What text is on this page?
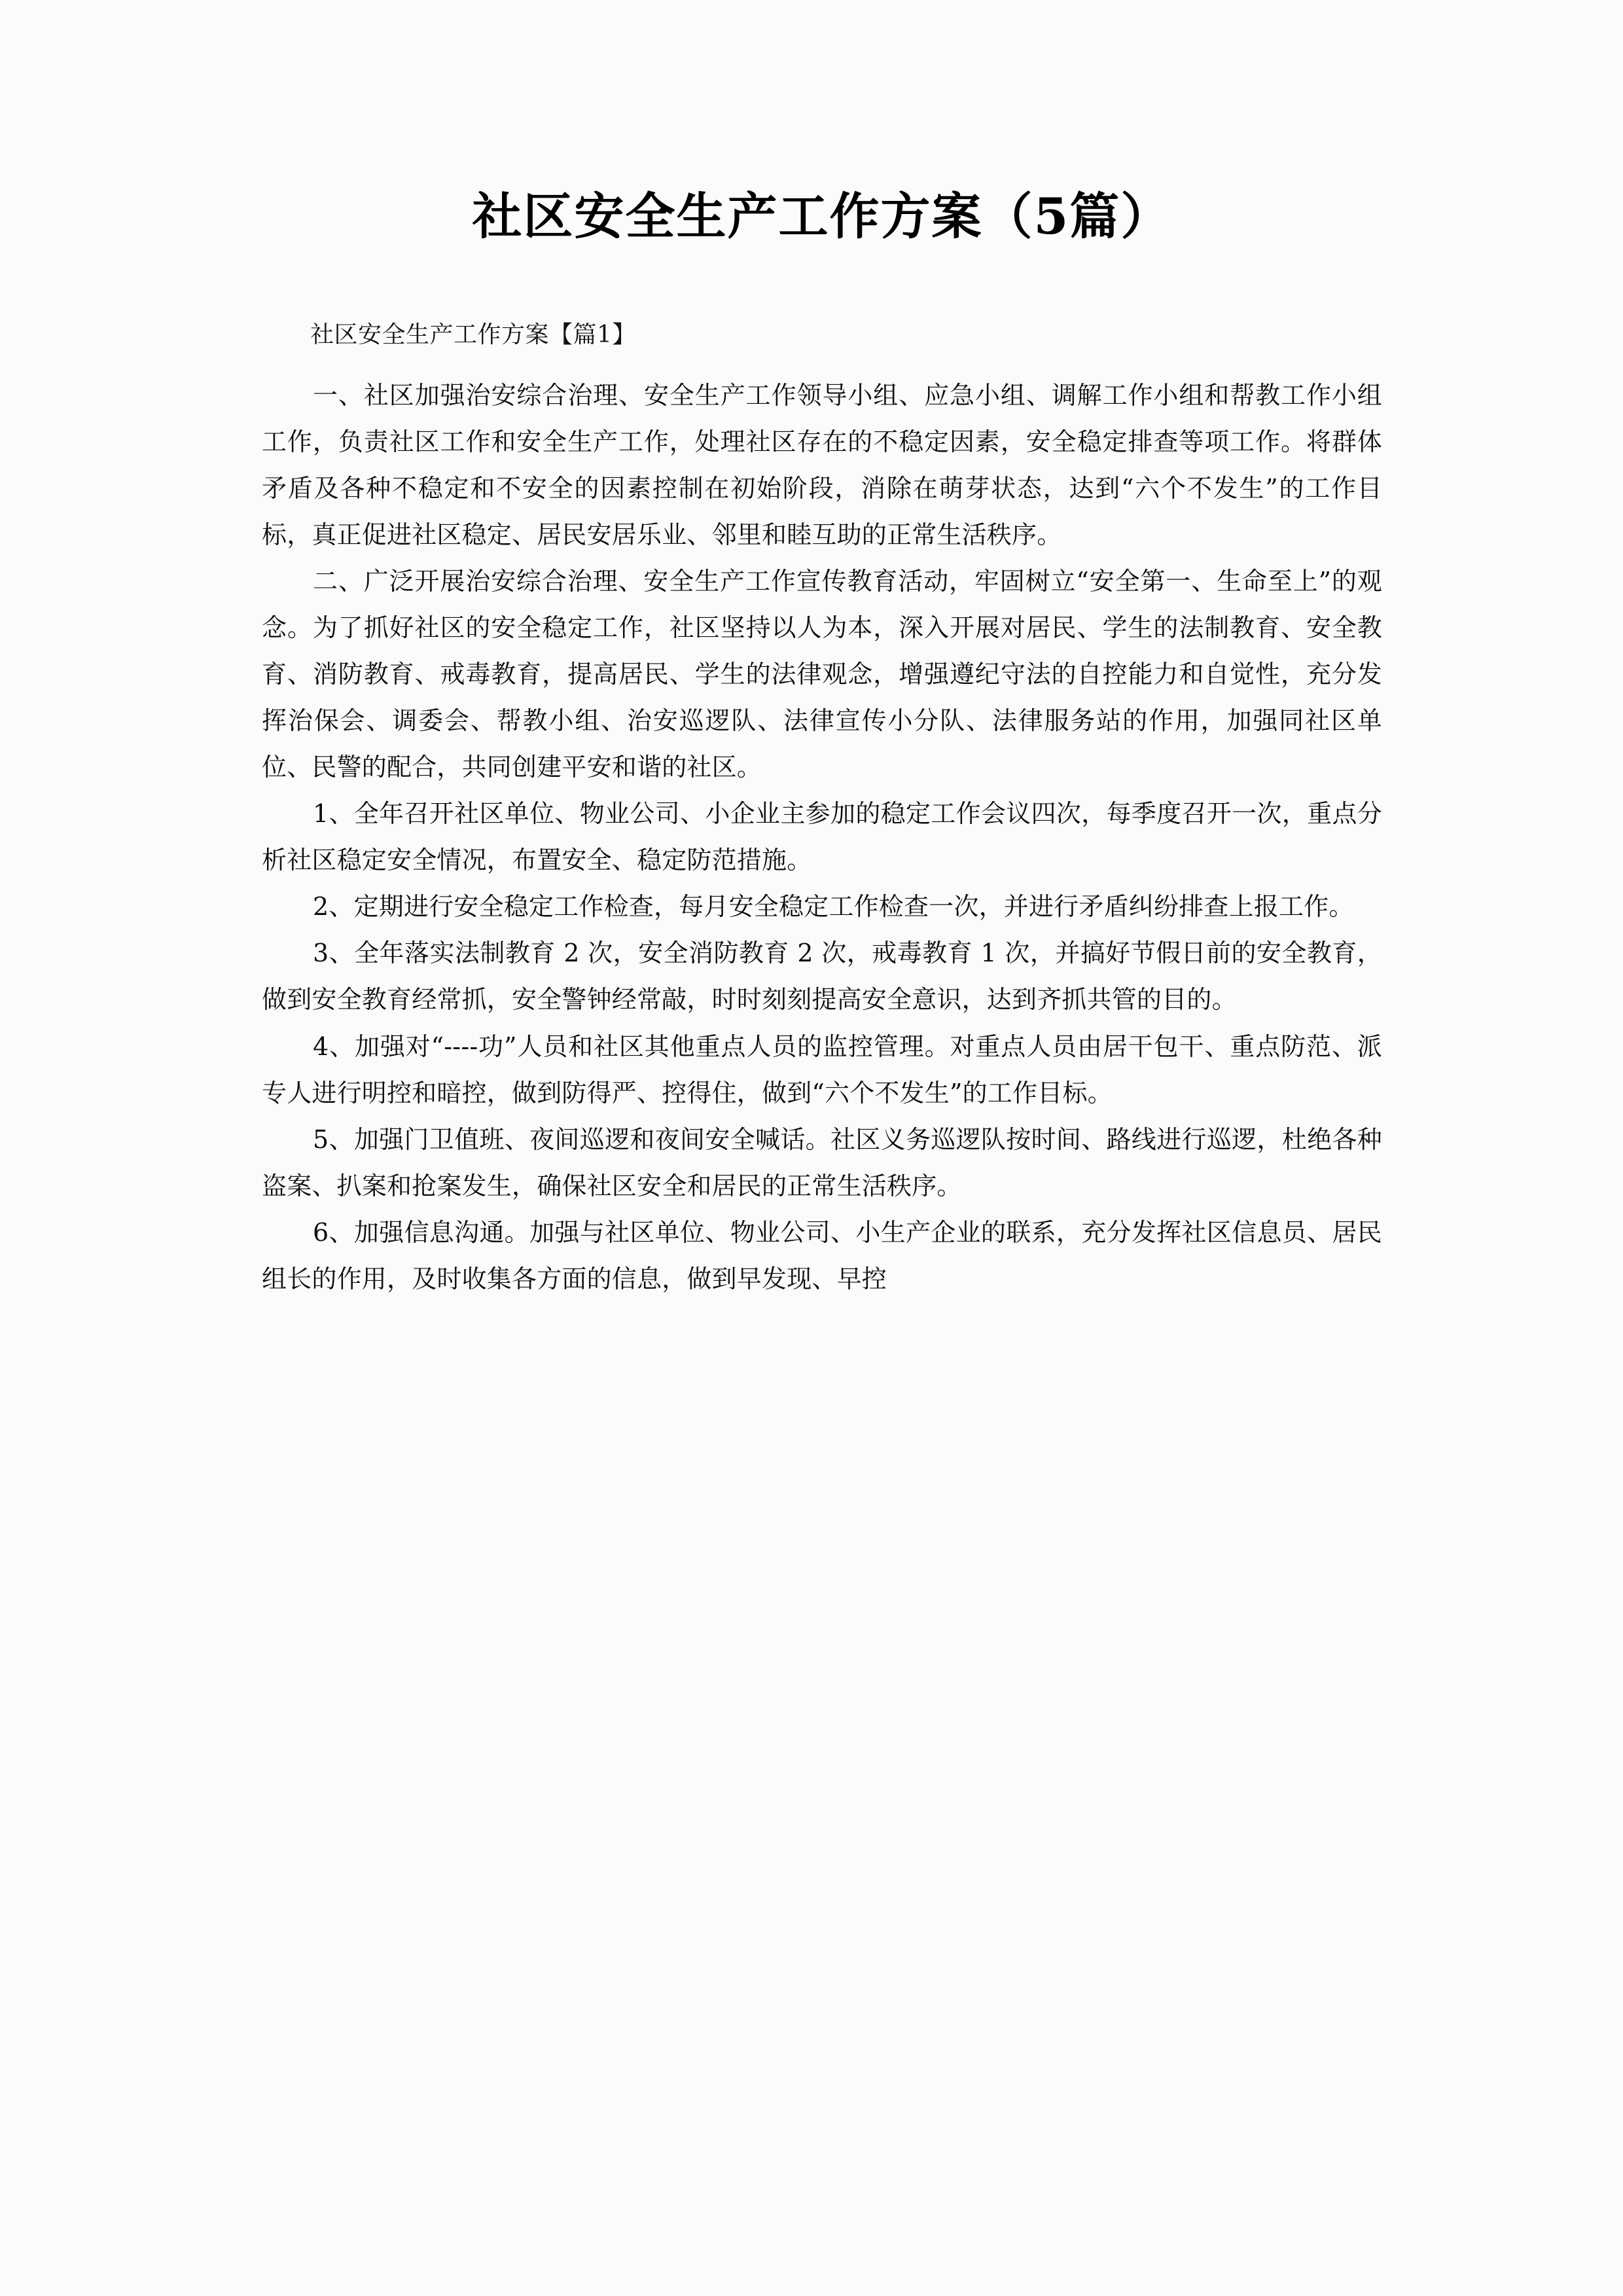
社区安全生产工作方案（5篇）
社区安全生产工作方案【篇1】

一、社区加强治安综合治理、安全生产工作领导小组、应急小组、调解工作小组和帮教工作小组工作，负责社区工作和安全生产工作，处理社区存在的不稳定因素，安全稳定排查等项工作。将群体矛盾及各种不稳定和不安全的因素控制在初始阶段，消除在萌芽状态，达到“六个不发生”的工作目标，真正促进社区稳定、居民安居乐业、邻里和睦互助的正常生活秩序。

二、广泛开展治安综合治理、安全生产工作宣传教育活动，牢固树立“安全第一、生命至上”的观念。为了抓好社区的安全稳定工作，社区坚持以人为本，深入开展对居民、学生的法制教育、安全教育、消防教育、戒毒教育，提高居民、学生的法律观念，增强遵纪守法的自控能力和自觉性，充分发挥治保会、调委会、帮教小组、治安巡逻队、法律宣传小分队、法律服务站的作用，加强同社区单位、民警的配合，共同创建平安和谐的社区。

1、全年召开社区单位、物业公司、小企业主参加的稳定工作会议四次，每季度召开一次，重点分析社区稳定安全情况，布置安全、稳定防范措施。

2、定期进行安全稳定工作检查，每月安全稳定工作检查一次，并进行矛盾纠纷排查上报工作。

3、全年落实法制教育 2 次，安全消防教育 2 次，戒毒教育 1 次，并搞好节假日前的安全教育，做到安全教育经常抓，安全警钟经常敲，时时刻刻提高安全意识，达到齐抓共管的目的。

4、加强对“----功”人员和社区其他重点人员的监控管理。对重点人员由居干包干、重点防范、派专人进行明控和暗控，做到防得严、控得住，做到“六个不发生”的工作目标。

5、加强门卫值班、夜间巡逻和夜间安全喊话。社区义务巡逻队按时间、路线进行巡逻，杜绝各种盗案、扒案和抢案发生，确保社区安全和居民的正常生活秩序。

6、加强信息沟通。加强与社区单位、物业公司、小生产企业的联系，充分发挥社区信息员、居民组长的作用，及时收集各方面的信息，做到早发现、早控
